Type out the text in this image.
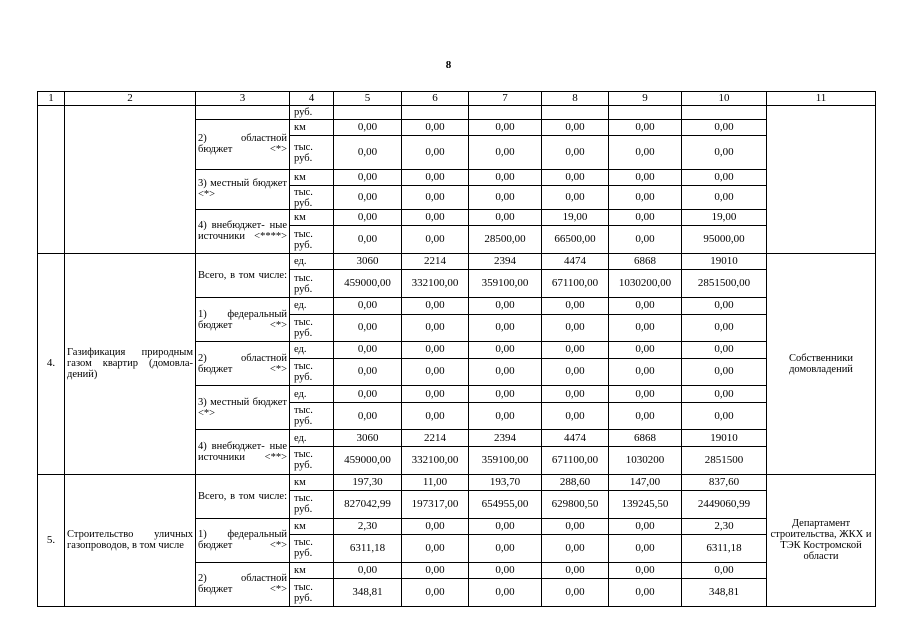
8
1	2	3	4	5	6	7	8	9	10	11
			руб.							
		2) областной бюджет <*>	км	0,00	0,00	0,00	0,00	0,00	0,00	
			тыс. руб.	0,00	0,00	0,00	0,00	0,00	0,00	
		3) местный бюджет <*>	км	0,00	0,00	0,00	0,00	0,00	0,00	
			тыс. руб.	0,00	0,00	0,00	0,00	0,00	0,00	
		4) внебюджет- ные источники <****>	км	0,00	0,00	0,00	19,00	0,00	19,00	
			тыс. руб.	0,00	0,00	28500,00	66500,00	0,00	95000,00	
4.	Газификация природным газом квартир (домовла- дений)	Всего, в том числе:	ед.	3060	2214	2394	4474	6868	19010	Собственники домовладений
			тыс. руб.	459000,00	332100,00	359100,00	671100,00	1030200,00	2851500,00	
		1) федеральный бюджет <*>	ед.	0,00	0,00	0,00	0,00	0,00	0,00	
			тыс. руб.	0,00	0,00	0,00	0,00	0,00	0,00	
		2) областной бюджет <*>	ед.	0,00	0,00	0,00	0,00	0,00	0,00	
			тыс. руб.	0,00	0,00	0,00	0,00	0,00	0,00	
		3) местный бюджет <*>	ед.	0,00	0,00	0,00	0,00	0,00	0,00	
			тыс. руб.	0,00	0,00	0,00	0,00	0,00	0,00	
		4) внебюджет- ные источники <**>	ед.	3060	2214	2394	4474	6868	19010	
			тыс. руб.	459000,00	332100,00	359100,00	671100,00	1030200	2851500	
5.	Строительство уличных газопроводов, в том числе	Всего, в том числе:	км	197,30	11,00	193,70	288,60	147,00	837,60	Департамент строительства, ЖКХ и ТЭК Костромской области
			тыс. руб.	827042,99	197317,00	654955,00	629800,50	139245,50	2449060,99	
		1) федеральный бюджет <*>	км	2,30	0,00	0,00	0,00	0,00	2,30	
			тыс. руб.	6311,18	0,00	0,00	0,00	0,00	6311,18	
		2) областной бюджет <*>	км	0,00	0,00	0,00	0,00	0,00	0,00	
			тыс. руб.	348,81	0,00	0,00	0,00	0,00	348,81	
